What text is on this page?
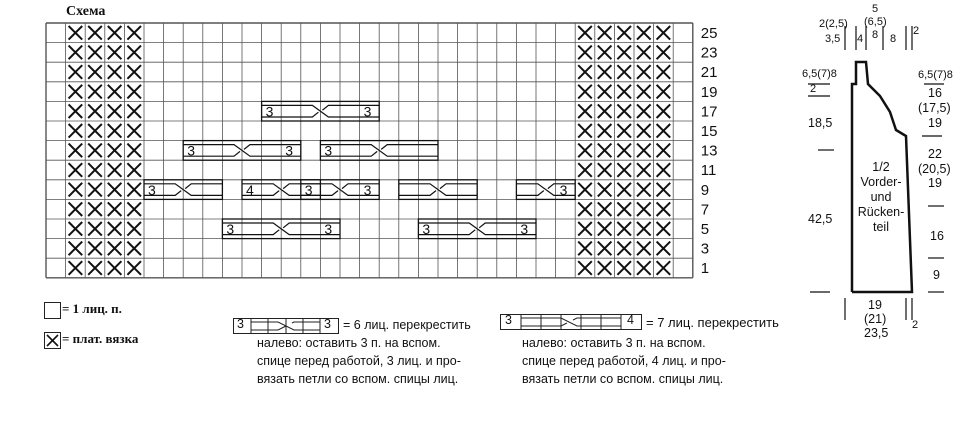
Схема
25
23
21
19
17
15
13
11
9
7
5
3
1
3	3	3
4	3
3	3	3	3
3	3 3
3	3
= 1 лиц. п.
= плат. вязка
3	3 = 6 лиц. перекрестить
налево: оставить 3 п. на вспом.
спице перед работой, 3 лиц. и про-
вязать петли со вспом. спицы лиц.
3	4 = 7 лиц. перекрестить
налево: оставить 3 п. на вспом.
спице перед работой, 4 лиц. и про-
вязать петли со вспом. спицы лиц.
2(2,5)
3,5 4
5
(6,5)
8 8
2
6,5(7)8
2
18,5
42,5
6,5(7)8
16
(17,5)
19
22
(20,5)
19
16
9
19
(21)
23,5
2
1/2
Vorder-
und
Rücken-
teil
